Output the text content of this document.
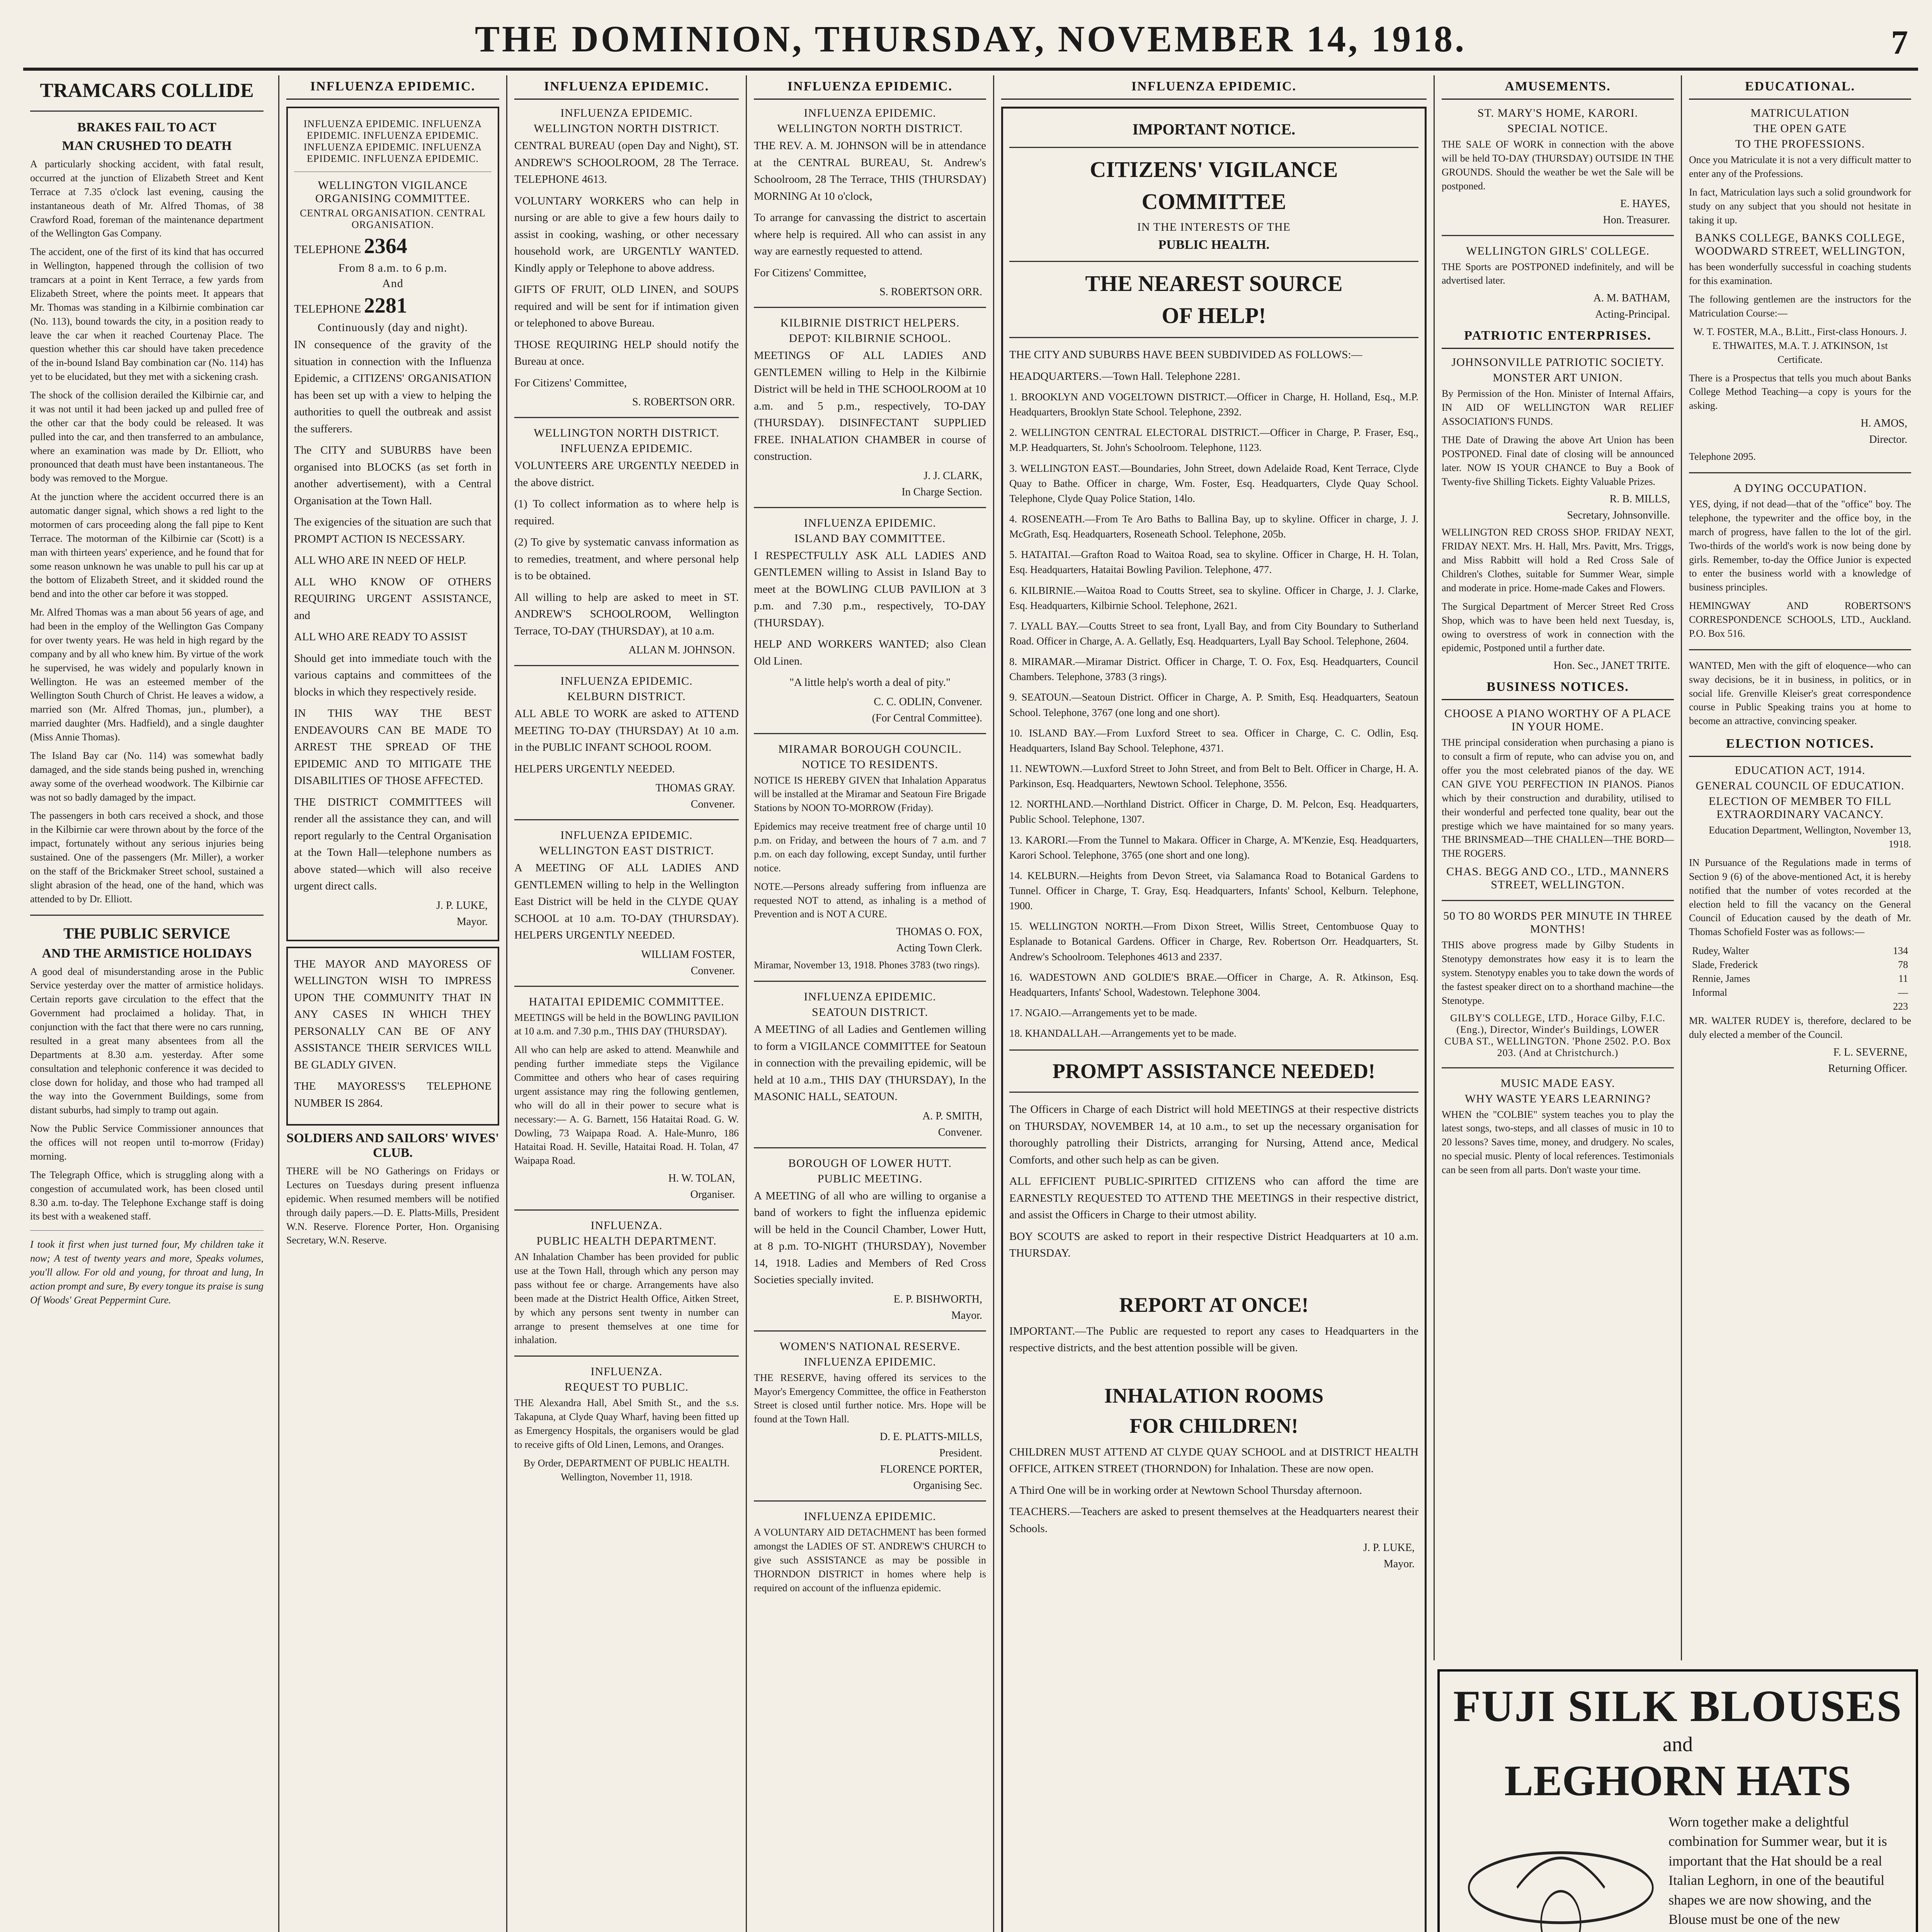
THE DOMINION, THURSDAY, NOVEMBER 14, 1918.	7
TRAMCARS COLLIDE
BRAKES FAIL TO ACT
MAN CRUSHED TO DEATH

A particularly shocking accident, with fatal result, occurred at the junction of Elizabeth Street and Kent Terrace at 7.35 o'clock last evening, causing the instantaneous death of Mr. Alfred Thomas, of 38 Crawford Road, foreman of the maintenance department of the Wellington Gas Company.

The accident, one of the first of its kind that has occurred in Wellington, happened through the collision of two tramcars at a point in Kent Terrace, a few yards from Elizabeth Street, where the points meet. It appears that Mr. Thomas was standing in a Kilbirnie combination car (No. 113), bound towards the city, in a position ready to leave the car when it reached Courtenay Place. The question whether this car should have taken precedence of the in-bound Island Bay combination car (No. 114) has yet to be elucidated, but they met with a sickening crash.

The shock of the collision derailed the Kilbirnie car, and it was not until it had been jacked up and pulled free of the other car that the body could be released. It was pulled into the car, and then transferred to an ambulance, where an examination was made by Dr. Elliott, who pronounced that death must have been instantaneous. The body was removed to the Morgue.

At the junction where the accident occurred there is an automatic danger signal, which shows a red light to the motormen of cars proceeding along the fall pipe to Kent Terrace. The motorman of the Kilbirnie car (Scott) is a man with thirteen years' experience, and he found that for some reason unknown he was unable to pull his car up at the bottom of Elizabeth Street, and it skidded round the bend and into the other car before it was stopped.

Mr. Alfred Thomas was a man about 56 years of age, and had been in the employ of the Wellington Gas Company for over twenty years. He was held in high regard by the company and by all who knew him. By virtue of the work he supervised, he was widely and popularly known in Wellington. He was an esteemed member of the Wellington South Church of Christ. He leaves a widow, a married son (Mr. Alfred Thomas, jun., plumber), a married daughter (Mrs. Hadfield), and a single daughter (Miss Annie Thomas).

The Island Bay car (No. 114) was somewhat badly damaged, and the side stands being pushed in, wrenching away some of the overhead woodwork. The Kilbirnie car was not so badly damaged by the impact.

The passengers in both cars received a shock, and those in the Kilbirnie car were thrown about by the force of the impact, fortunately without any serious injuries being sustained. One of the passengers (Mr. Miller), a worker on the staff of the Brickmaker Street school, sustained a slight abrasion of the head, one of the hand, which was attended to by Dr. Elliott.

THE PUBLIC SERVICE
AND THE ARMISTICE HOLIDAYS

A good deal of misunderstanding arose in the Public Service yesterday over the matter of armistice holidays. Certain reports gave circulation to the effect that the Government had proclaimed a holiday. That, in conjunction with the fact that there were no cars running, resulted in a great many absentees from all the Departments at 8.30 a.m. yesterday. After some consultation and telephonic conference it was decided to close down for holiday, and those who had tramped all the way into the Government Buildings, some from distant suburbs, had simply to tramp out again.

Now the Public Service Commissioner announces that the offices will not reopen until to-morrow (Friday) morning.

The Telegraph Office, which is struggling along with a congestion of accumulated work, has been closed until 8.30 a.m. to-day. The Telephone Exchange staff is doing its best with a weakened staff.

I took it first when just turned four, My children take it now; A test of twenty years and more, Speaks volumes, you'll allow. For old and young, for throat and lung, In action prompt and sure, By every tongue its praise is sung Of Woods' Great Peppermint Cure.

INFLUENZA EPIDEMIC.

INFLUENZA EPIDEMIC. INFLUENZA EPIDEMIC. INFLUENZA EPIDEMIC. INFLUENZA EPIDEMIC. INFLUENZA EPIDEMIC. INFLUENZA EPIDEMIC.

WELLINGTON VIGILANCE ORGANISING COMMITTEE.

CENTRAL ORGANISATION. CENTRAL ORGANISATION.

TELEPHONE 2364
From 8 a.m. to 6 p.m.
And
TELEPHONE 2281
Continuously (day and night).

IN consequence of the gravity of the situation in connection with the Influenza Epidemic, a CITIZENS' ORGANISATION has been set up with a view to helping the authorities to quell the outbreak and assist the sufferers.

The CITY and SUBURBS have been organised into BLOCKS (as set forth in another advertisement), with a Central Organisation at the Town Hall.

The exigencies of the situation are such that PROMPT ACTION IS NECESSARY.

ALL WHO ARE IN NEED OF HELP.

ALL WHO KNOW OF OTHERS REQUIRING URGENT ASSISTANCE, and

ALL WHO ARE READY TO ASSIST

Should get into immediate touch with the various captains and committees of the blocks in which they respectively reside.

IN THIS WAY THE BEST ENDEAVOURS CAN BE MADE TO ARREST THE SPREAD OF THE EPIDEMIC AND TO MITIGATE THE DISABILITIES OF THOSE AFFECTED.

THE DISTRICT COMMITTEES will render all the assistance they can, and will report regularly to the Central Organisation at the Town Hall—telephone numbers as above stated—which will also receive urgent direct calls.

J. P. LUKE,
Mayor.

THE MAYOR AND MAYORESS OF WELLINGTON WISH TO IMPRESS UPON THE COMMUNITY THAT IN ANY CASES IN WHICH THEY PERSONALLY CAN BE OF ANY ASSISTANCE THEIR SERVICES WILL BE GLADLY GIVEN.

THE MAYORESS'S TELEPHONE NUMBER IS 2864.

SOLDIERS AND SAILORS' WIVES' CLUB.

THERE will be NO Gatherings on Fridays or Lectures on Tuesdays during present influenza epidemic. When resumed members will be notified through daily papers.—D. E. Platts-Mills, President W.N. Reserve. Florence Porter, Hon. Organising Secretary, W.N. Reserve.

INFLUENZA EPIDEMIC.
INFLUENZA EPIDEMIC.
WELLINGTON NORTH DISTRICT.

CENTRAL BUREAU (open Day and Night), ST. ANDREW'S SCHOOLROOM, 28 The Terrace. TELEPHONE 4613.

VOLUNTARY WORKERS who can help in nursing or are able to give a few hours daily to assist in cooking, washing, or other necessary household work, are URGENTLY WANTED. Kindly apply or Telephone to above address.

GIFTS OF FRUIT, OLD LINEN, and SOUPS required and will be sent for if intimation given or telephoned to above Bureau.

THOSE REQUIRING HELP should notify the Bureau at once.

For Citizens' Committee,

S. ROBERTSON ORR.
WELLINGTON NORTH DISTRICT.
INFLUENZA EPIDEMIC.

VOLUNTEERS ARE URGENTLY NEEDED in the above district.

(1) To collect information as to where help is required.

(2) To give by systematic canvass information as to remedies, treatment, and where personal help is to be obtained.

All willing to help are asked to meet in ST. ANDREW'S SCHOOLROOM, Wellington Terrace, TO-DAY (THURSDAY), at 10 a.m.

ALLAN M. JOHNSON.
INFLUENZA EPIDEMIC.
KELBURN DISTRICT.

ALL ABLE TO WORK are asked to ATTEND MEETING TO-DAY (THURSDAY) At 10 a.m. in the PUBLIC INFANT SCHOOL ROOM.

HELPERS URGENTLY NEEDED.

THOMAS GRAY.
Convener.
INFLUENZA EPIDEMIC.
WELLINGTON EAST DISTRICT.

A MEETING OF ALL LADIES AND GENTLEMEN willing to help in the Wellington East District will be held in the CLYDE QUAY SCHOOL at 10 a.m. TO-DAY (THURSDAY). HELPERS URGENTLY NEEDED.

WILLIAM FOSTER,
Convener.
HATAITAI EPIDEMIC COMMITTEE.

MEETINGS will be held in the BOWLING PAVILION at 10 a.m. and 7.30 p.m., THIS DAY (THURSDAY).

All who can help are asked to attend. Meanwhile and pending further immediate steps the Vigilance Committee and others who hear of cases requiring urgent assistance may ring the following gentlemen, who will do all in their power to secure what is necessary:— A. G. Barnett, 156 Hataitai Road. G. W. Dowling, 73 Waipapa Road. A. Hale-Munro, 186 Hataitai Road. H. Seville, Hataitai Road. H. Tolan, 47 Waipapa Road.

H. W. TOLAN,
Organiser.
INFLUENZA.
PUBLIC HEALTH DEPARTMENT.

AN Inhalation Chamber has been provided for public use at the Town Hall, through which any person may pass without fee or charge. Arrangements have also been made at the District Health Office, Aitken Street, by which any persons sent twenty in number can arrange to present themselves at one time for inhalation.

INFLUENZA.
REQUEST TO PUBLIC.

THE Alexandra Hall, Abel Smith St., and the s.s. Takapuna, at Clyde Quay Wharf, having been fitted up as Emergency Hospitals, the organisers would be glad to receive gifts of Old Linen, Lemons, and Oranges.

By Order, DEPARTMENT OF PUBLIC HEALTH. Wellington, November 11, 1918.

INFLUENZA EPIDEMIC.
INFLUENZA EPIDEMIC.
WELLINGTON NORTH DISTRICT.

THE REV. A. M. JOHNSON will be in attendance at the CENTRAL BUREAU, St. Andrew's Schoolroom, 28 The Terrace, THIS (THURSDAY) MORNING At 10 o'clock,

To arrange for canvassing the district to ascertain where help is required. All who can assist in any way are earnestly requested to attend.

For Citizens' Committee,

S. ROBERTSON ORR.
KILBIRNIE DISTRICT HELPERS.
DEPOT: KILBIRNIE SCHOOL.

MEETINGS OF ALL LADIES AND GENTLEMEN willing to Help in the Kilbirnie District will be held in THE SCHOOLROOM at 10 a.m. and 5 p.m., respectively, TO-DAY (THURSDAY). DISINFECTANT SUPPLIED FREE. INHALATION CHAMBER in course of construction.

J. J. CLARK,
In Charge Section.
INFLUENZA EPIDEMIC.
ISLAND BAY COMMITTEE.

I RESPECTFULLY ASK ALL LADIES AND GENTLEMEN willing to Assist in Island Bay to meet at the BOWLING CLUB PAVILION at 3 p.m. and 7.30 p.m., respectively, TO-DAY (THURSDAY).

HELP AND WORKERS WANTED; also Clean Old Linen.

"A little help's worth a deal of pity."

C. C. ODLIN, Convener.
(For Central Committee).
MIRAMAR BOROUGH COUNCIL.
NOTICE TO RESIDENTS.

NOTICE IS HEREBY GIVEN that Inhalation Apparatus will be installed at the Miramar and Seatoun Fire Brigade Stations by NOON TO-MORROW (Friday).

Epidemics may receive treatment free of charge until 10 p.m. on Friday, and between the hours of 7 a.m. and 7 p.m. on each day following, except Sunday, until further notice.

NOTE.—Persons already suffering from influenza are requested NOT to attend, as inhaling is a method of Prevention and is NOT A CURE.

THOMAS O. FOX,
Acting Town Clerk.

Miramar, November 13, 1918. Phones 3783 (two rings).

INFLUENZA EPIDEMIC.
SEATOUN DISTRICT.

A MEETING of all Ladies and Gentlemen willing to form a VIGILANCE COMMITTEE for Seatoun in connection with the prevailing epidemic, will be held at 10 a.m., THIS DAY (THURSDAY), In the MASONIC HALL, SEATOUN.

A. P. SMITH,
Convener.
BOROUGH OF LOWER HUTT.
PUBLIC MEETING.

A MEETING of all who are willing to organise a band of workers to fight the influenza epidemic will be held in the Council Chamber, Lower Hutt, at 8 p.m. TO-NIGHT (THURSDAY), November 14, 1918. Ladies and Members of Red Cross Societies specially invited.

E. P. BISHWORTH,
Mayor.
WOMEN'S NATIONAL RESERVE.
INFLUENZA EPIDEMIC.

THE RESERVE, having offered its services to the Mayor's Emergency Committee, the office in Featherston Street is closed until further notice. Mrs. Hope will be found at the Town Hall.

D. E. PLATTS-MILLS,
President.
FLORENCE PORTER,
Organising Sec.
INFLUENZA EPIDEMIC.

A VOLUNTARY AID DETACHMENT has been formed amongst the LADIES OF ST. ANDREW'S CHURCH to give such ASSISTANCE as may be possible in THORNDON DISTRICT in homes where help is required on account of the influenza epidemic.

INFLUENZA EPIDEMIC.
IMPORTANT NOTICE.
CITIZENS' VIGILANCE
COMMITTEE
IN THE INTERESTS OF THE
PUBLIC HEALTH.
THE NEAREST SOURCE
OF HELP!

THE CITY AND SUBURBS HAVE BEEN SUBDIVIDED AS FOLLOWS:—

HEADQUARTERS.—Town Hall. Telephone 2281.

1. BROOKLYN AND VOGELTOWN DISTRICT.—Officer in Charge, H. Holland, Esq., M.P. Headquarters, Brooklyn State School. Telephone, 2392.
2. WELLINGTON CENTRAL ELECTORAL DISTRICT.—Officer in Charge, P. Fraser, Esq., M.P. Headquarters, St. John's Schoolroom. Telephone, 1123.
3. WELLINGTON EAST.—Boundaries, John Street, down Adelaide Road, Kent Terrace, Clyde Quay to Bathe. Officer in charge, Wm. Foster, Esq. Headquarters, Clyde Quay School. Telephone, Clyde Quay Police Station, 14lo.
4. ROSENEATH.—From Te Aro Baths to Ballina Bay, up to skyline. Officer in charge, J. J. McGrath, Esq. Headquarters, Roseneath School. Telephone, 205b.
5. HATAITAI.—Grafton Road to Waitoa Road, sea to skyline. Officer in Charge, H. H. Tolan, Esq. Headquarters, Hataitai Bowling Pavilion. Telephone, 477.
6. KILBIRNIE.—Waitoa Road to Coutts Street, sea to skyline. Officer in Charge, J. J. Clarke, Esq. Headquarters, Kilbirnie School. Telephone, 2621.
7. LYALL BAY.—Coutts Street to sea front, Lyall Bay, and from City Boundary to Sutherland Road. Officer in Charge, A. A. Gellatly, Esq. Headquarters, Lyall Bay School. Telephone, 2604.
8. MIRAMAR.—Miramar District. Officer in Charge, T. O. Fox, Esq. Headquarters, Council Chambers. Telephone, 3783 (3 rings).
9. SEATOUN.—Seatoun District. Officer in Charge, A. P. Smith, Esq. Headquarters, Seatoun School. Telephone, 3767 (one long and one short).
10. ISLAND BAY.—From Luxford Street to sea. Officer in Charge, C. C. Odlin, Esq. Headquarters, Island Bay School. Telephone, 4371.
11. NEWTOWN.—Luxford Street to John Street, and from Belt to Belt. Officer in Charge, H. A. Parkinson, Esq. Headquarters, Newtown School. Telephone, 3556.
12. NORTHLAND.—Northland District. Officer in Charge, D. M. Pelcon, Esq. Headquarters, Public School. Telephone, 1307.
13. KARORI.—From the Tunnel to Makara. Officer in Charge, A. M'Kenzie, Esq. Headquarters, Karori School. Telephone, 3765 (one short and one long).
14. KELBURN.—Heights from Devon Street, via Salamanca Road to Botanical Gardens to Tunnel. Officer in Charge, T. Gray, Esq. Headquarters, Infants' School, Kelburn. Telephone, 1900.
15. WELLINGTON NORTH.—From Dixon Street, Willis Street, Centombuose Quay to Esplanade to Botanical Gardens. Officer in Charge, Rev. Robertson Orr. Headquarters, St. Andrew's Schoolroom. Telephones 4613 and 2337.
16. WADESTOWN AND GOLDIE'S BRAE.—Officer in Charge, A. R. Atkinson, Esq. Headquarters, Infants' School, Wadestown. Telephone 3004.
17. NGAIO.—Arrangements yet to be made.
18. KHANDALLAH.—Arrangements yet to be made.
PROMPT ASSISTANCE NEEDED!

The Officers in Charge of each District will hold MEETINGS at their respective districts on THURSDAY, NOVEMBER 14, at 10 a.m., to set up the necessary organisation for thoroughly patrolling their Districts, arranging for Nursing, Attend ance, Medical Comforts, and other such help as can be given.

ALL EFFICIENT PUBLIC-SPIRITED CITIZENS who can afford the time are EARNESTLY REQUESTED TO ATTEND THE MEETINGS in their respective district, and assist the Officers in Charge to their utmost ability.

BOY SCOUTS are asked to report in their respective District Headquarters at 10 a.m. THURSDAY.

REPORT AT ONCE!

IMPORTANT.—The Public are requested to report any cases to Headquarters in the respective districts, and the best attention possible will be given.

INHALATION ROOMS
FOR CHILDREN!

CHILDREN MUST ATTEND AT CLYDE QUAY SCHOOL and at DISTRICT HEALTH OFFICE, AITKEN STREET (THORNDON) for Inhalation. These are now open.

A Third One will be in working order at Newtown School Thursday afternoon.

TEACHERS.—Teachers are asked to present themselves at the Headquarters nearest their Schools.

J. P. LUKE,
Mayor.
AMUSEMENTS.
ST. MARY'S HOME, KARORI.
SPECIAL NOTICE.

THE SALE OF WORK in connection with the above will be held TO-DAY (THURSDAY) OUTSIDE IN THE GROUNDS. Should the weather be wet the Sale will be postponed.

E. HAYES,
Hon. Treasurer.
WELLINGTON GIRLS' COLLEGE.

THE Sports are POSTPONED indefinitely, and will be advertised later.

A. M. BATHAM,
Acting-Principal.
PATRIOTIC ENTERPRISES.
JOHNSONVILLE PATRIOTIC SOCIETY.
MONSTER ART UNION.

By Permission of the Hon. Minister of Internal Affairs, IN AID OF WELLINGTON WAR RELIEF ASSOCIATION'S FUNDS.

THE Date of Drawing the above Art Union has been POSTPONED. Final date of closing will be announced later. NOW IS YOUR CHANCE to Buy a Book of Twenty-five Shilling Tickets. Eighty Valuable Prizes.

R. B. MILLS,
Secretary, Johnsonville.

WELLINGTON RED CROSS SHOP. FRIDAY NEXT, FRIDAY NEXT. Mrs. H. Hall, Mrs. Pavitt, Mrs. Triggs, and Miss Rabbitt will hold a Red Cross Sale of Children's Clothes, suitable for Summer Wear, simple and moderate in price. Home-made Cakes and Flowers.

The Surgical Department of Mercer Street Red Cross Shop, which was to have been held next Tuesday, is, owing to overstress of work in connection with the epidemic, Postponed until a further date.

Hon. Sec., JANET TRITE.
BUSINESS NOTICES.
CHOOSE A PIANO WORTHY OF A PLACE IN YOUR HOME.

THE principal consideration when purchasing a piano is to consult a firm of repute, who can advise you on, and offer you the most celebrated pianos of the day. WE CAN GIVE YOU PERFECTION IN PIANOS. Pianos which by their construction and durability, utilised to their wonderful and perfected tone quality, bear out the prestige which we have maintained for so many years. THE BRINSMEAD—THE CHALLEN—THE BORD—THE ROGERS.

CHAS. BEGG AND CO., LTD., MANNERS STREET, WELLINGTON.
50 TO 80 WORDS PER MINUTE IN THREE MONTHS!

THIS above progress made by Gilby Students in Stenotypy demonstrates how easy it is to learn the system. Stenotypy enables you to take down the words of the fastest speaker direct on to a shorthand machine—the Stenotype.

GILBY'S COLLEGE, LTD., Horace Gilby, F.I.C. (Eng.), Director, Winder's Buildings, LOWER CUBA ST., WELLINGTON. 'Phone 2502. P.O. Box 203. (And at Christchurch.)
MUSIC MADE EASY.
WHY WASTE YEARS LEARNING?

WHEN the "COLBIE" system teaches you to play the latest songs, two-steps, and all classes of music in 10 to 20 lessons? Saves time, money, and drudgery. No scales, no special music. Plenty of local references. Testimonials can be seen from all parts. Don't waste your time.

EDUCATIONAL.
MATRICULATION
THE OPEN GATE
TO THE PROFESSIONS.

Once you Matriculate it is not a very difficult matter to enter any of the Professions.

In fact, Matriculation lays such a solid groundwork for study on any subject that you should not hesitate in taking it up.

BANKS COLLEGE, BANKS COLLEGE, WOODWARD STREET, WELLINGTON,

has been wonderfully successful in coaching students for this examination.

The following gentlemen are the instructors for the Matriculation Course:—

W. T. FOSTER, M.A., B.Litt., First-class Honours. J. E. THWAITES, M.A. T. J. ATKINSON, 1st Certificate.

There is a Prospectus that tells you much about Banks College Method Teaching—a copy is yours for the asking.

H. AMOS,
Director.

Telephone 2095.

A DYING OCCUPATION.

YES, dying, if not dead—that of the "office" boy. The telephone, the typewriter and the office boy, in the march of progress, have fallen to the lot of the girl. Two-thirds of the world's work is now being done by girls. Remember, to-day the Office Junior is expected to enter the business world with a knowledge of business principles.

HEMINGWAY AND ROBERTSON'S CORRESPONDENCE SCHOOLS, LTD., Auckland. P.O. Box 516.

WANTED, Men with the gift of eloquence—who can sway decisions, be it in business, in politics, or in social life. Grenville Kleiser's great correspondence course in Public Speaking trains you at home to become an attractive, convincing speaker.

ELECTION NOTICES.
EDUCATION ACT, 1914.
GENERAL COUNCIL OF EDUCATION.
ELECTION OF MEMBER TO FILL EXTRAORDINARY VACANCY.

Education Department, Wellington, November 13, 1918.

IN Pursuance of the Regulations made in terms of Section 9 (6) of the above-mentioned Act, it is hereby notified that the number of votes recorded at the election held to fill the vacancy on the General Council of Education caused by the death of Mr. Thomas Schofield Foster was as follows:—

Rudey, Walter	134
Slade, Frederick	78
Rennie, James	11
Informal	—
	223

MR. WALTER RUDEY is, therefore, declared to be duly elected a member of the Council.

F. L. SEVERNE,
Returning Officer.
FUJI SILK BLOUSES
and
LEGHORN HATS
Worn together make a delightful combination for Summer wear, but it is important that the Hat should be a real Italian Leghorn, in one of the beautiful shapes we are now showing, and the Blouse must be one of the new
